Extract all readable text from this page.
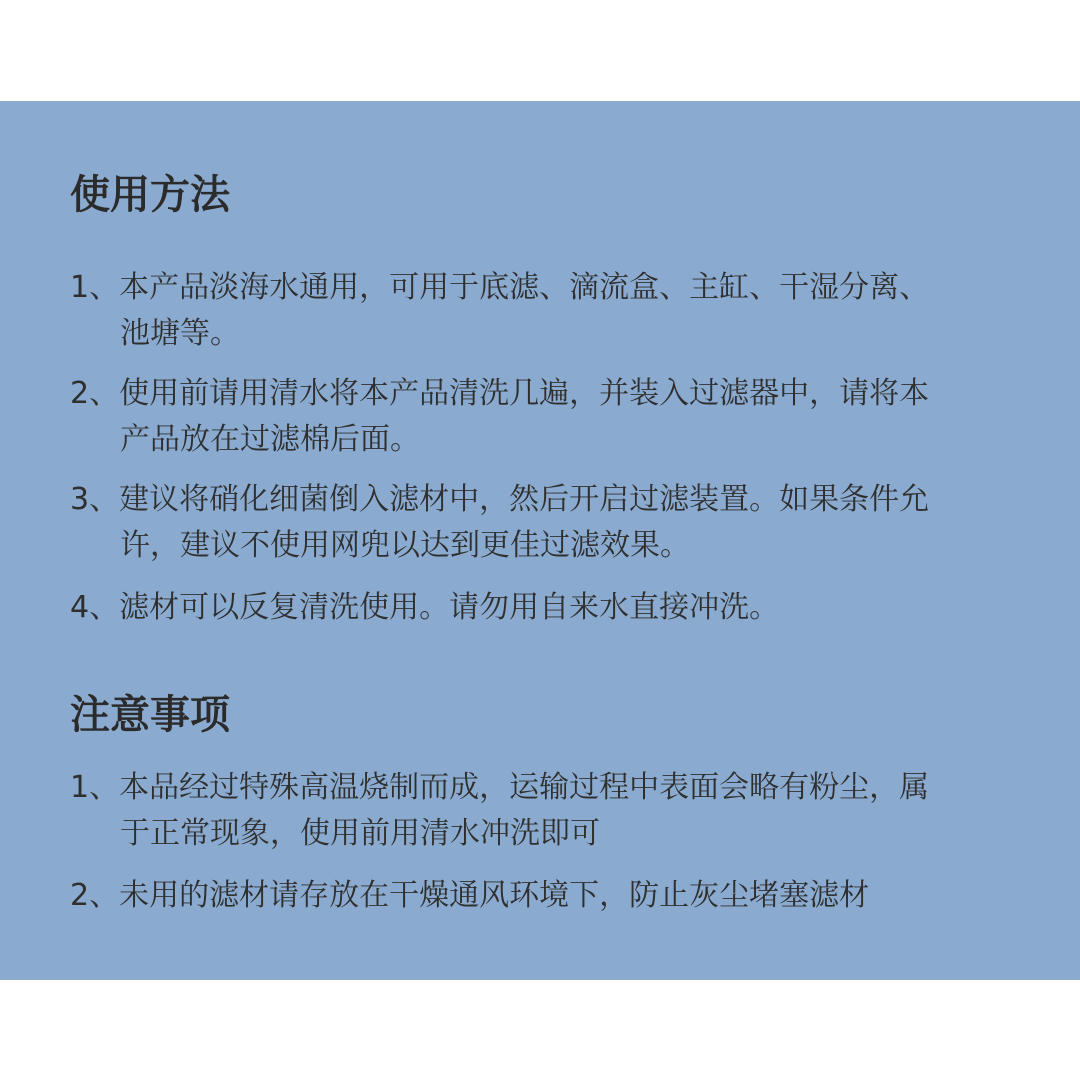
使用方法
1、本产品淡海水通用，可用于底滤、滴流盒、主缸、干湿分离、
池塘等。
2、使用前请用清水将本产品清洗几遍，并装入过滤器中，请将本
产品放在过滤棉后面。
3、建议将硝化细菌倒入滤材中，然后开启过滤装置。如果条件允
许，建议不使用网兜以达到更佳过滤效果。
4、滤材可以反复清洗使用。请勿用自来水直接冲洗。
注意事项
1、本品经过特殊高温烧制而成，运输过程中表面会略有粉尘，属
于正常现象，使用前用清水冲洗即可
2、未用的滤材请存放在干燥通风环境下，防止灰尘堵塞滤材
